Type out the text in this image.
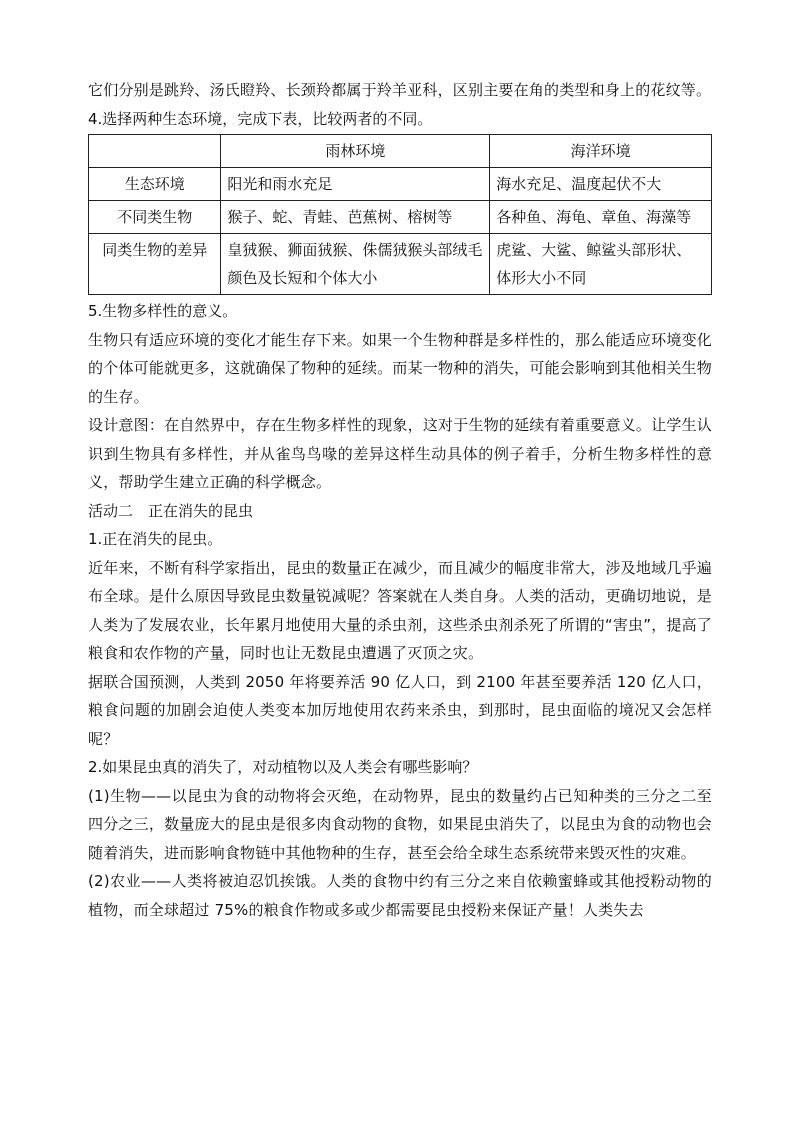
它们分别是跳羚、汤氏瞪羚、长颈羚都属于羚羊亚科，区别主要在角的类型和身上的花纹等。

4.选择两种生态环境，完成下表，比较两者的不同。

	雨林环境	海洋环境
生态环境	阳光和雨水充足	海水充足、温度起伏不大
不同类生物	猴子、蛇、青蛙、芭蕉树、榕树等	各种鱼、海龟、章鱼、海藻等
同类生物的差异	皇狨猴、狮面狨猴、侏儒狨猴头部绒毛颜色及长短和个体大小	虎鲨、大鲨、鲸鲨头部形状、体形大小不同

5.生物多样性的意义。

生物只有适应环境的变化才能生存下来。如果一个生物种群是多样性的，那么能适应环境变化的个体可能就更多，这就确保了物种的延续。而某一物种的消失，可能会影响到其他相关生物的生存。

设计意图：在自然界中，存在生物多样性的现象，这对于生物的延续有着重要意义。让学生认识到生物具有多样性，并从雀鸟鸟喙的差异这样生动具体的例子着手，分析生物多样性的意义，帮助学生建立正确的科学概念。

活动二　正在消失的昆虫

1.正在消失的昆虫。

近年来，不断有科学家指出，昆虫的数量正在减少，而且减少的幅度非常大，涉及地域几乎遍布全球。是什么原因导致昆虫数量锐减呢？答案就在人类自身。人类的活动，更确切地说，是人类为了发展农业，长年累月地使用大量的杀虫剂，这些杀虫剂杀死了所谓的“害虫”，提高了粮食和农作物的产量，同时也让无数昆虫遭遇了灭顶之灾。

据联合国预测，人类到 2050 年将要养活 90 亿人口，到 2100 年甚至要养活 120 亿人口，粮食问题的加剧会迫使人类变本加厉地使用农药来杀虫，到那时，昆虫面临的境况又会怎样呢？

2.如果昆虫真的消失了，对动植物以及人类会有哪些影响？

(1)生物——以昆虫为食的动物将会灭绝，在动物界，昆虫的数量约占已知种类的三分之二至四分之三，数量庞大的昆虫是很多肉食动物的食物，如果昆虫消失了，以昆虫为食的动物也会随着消失，进而影响食物链中其他物种的生存，甚至会给全球生态系统带来毁灭性的灾难。

(2)农业——人类将被迫忍饥挨饿。人类的食物中约有三分之来自依赖蜜蜂或其他授粉动物的植物，而全球超过 75%的粮食作物或多或少都需要昆虫授粉来保证产量！人类失去
